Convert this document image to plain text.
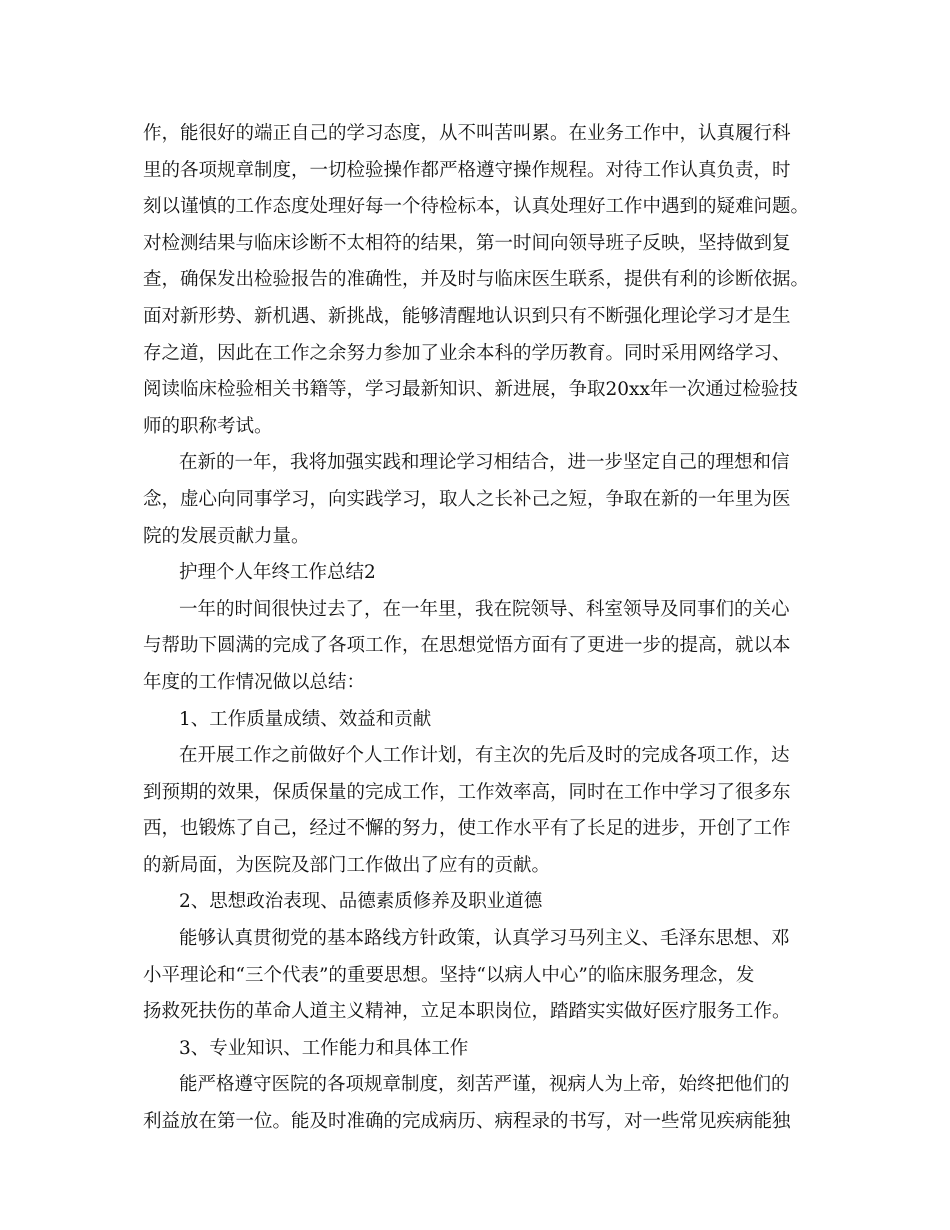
作，能很好的端正自己的学习态度，从不叫苦叫累。在业务工作中，认真履行科
里的各项规章制度，一切检验操作都严格遵守操作规程。对待工作认真负责，时
刻以谨慎的工作态度处理好每一个待检标本，认真处理好工作中遇到的疑难问题。
对检测结果与临床诊断不太相符的结果，第一时间向领导班子反映，坚持做到复
查，确保发出检验报告的准确性，并及时与临床医生联系，提供有利的诊断依据。
面对新形势、新机遇、新挑战，能够清醒地认识到只有不断强化理论学习才是生
存之道，因此在工作之余努力参加了业余本科的学历教育。同时采用网络学习、
阅读临床检验相关书籍等，学习最新知识、新进展，争取20xx年一次通过检验技
师的职称考试。
在新的一年，我将加强实践和理论学习相结合，进一步坚定自己的理想和信
念，虚心向同事学习，向实践学习，取人之长补己之短，争取在新的一年里为医
院的发展贡献力量。
护理个人年终工作总结2
一年的时间很快过去了，在一年里，我在院领导、科室领导及同事们的关心
与帮助下圆满的完成了各项工作，在思想觉悟方面有了更进一步的提高，就以本
年度的工作情况做以总结：
1、工作质量成绩、效益和贡献
在开展工作之前做好个人工作计划，有主次的先后及时的完成各项工作，达
到预期的效果，保质保量的完成工作，工作效率高，同时在工作中学习了很多东
西，也锻炼了自己，经过不懈的努力，使工作水平有了长足的进步，开创了工作
的新局面，为医院及部门工作做出了应有的贡献。
2、思想政治表现、品德素质修养及职业道德
能够认真贯彻党的基本路线方针政策，认真学习马列主义、毛泽东思想、邓
小平理论和“三个代表”的重要思想。坚持“以病人中心”的临床服务理念，发
扬救死扶伤的革命人道主义精神，立足本职岗位，踏踏实实做好医疗服务工作。
3、专业知识、工作能力和具体工作
能严格遵守医院的各项规章制度，刻苦严谨，视病人为上帝，始终把他们的
利益放在第一位。能及时准确的完成病历、病程录的书写，对一些常见疾病能独
